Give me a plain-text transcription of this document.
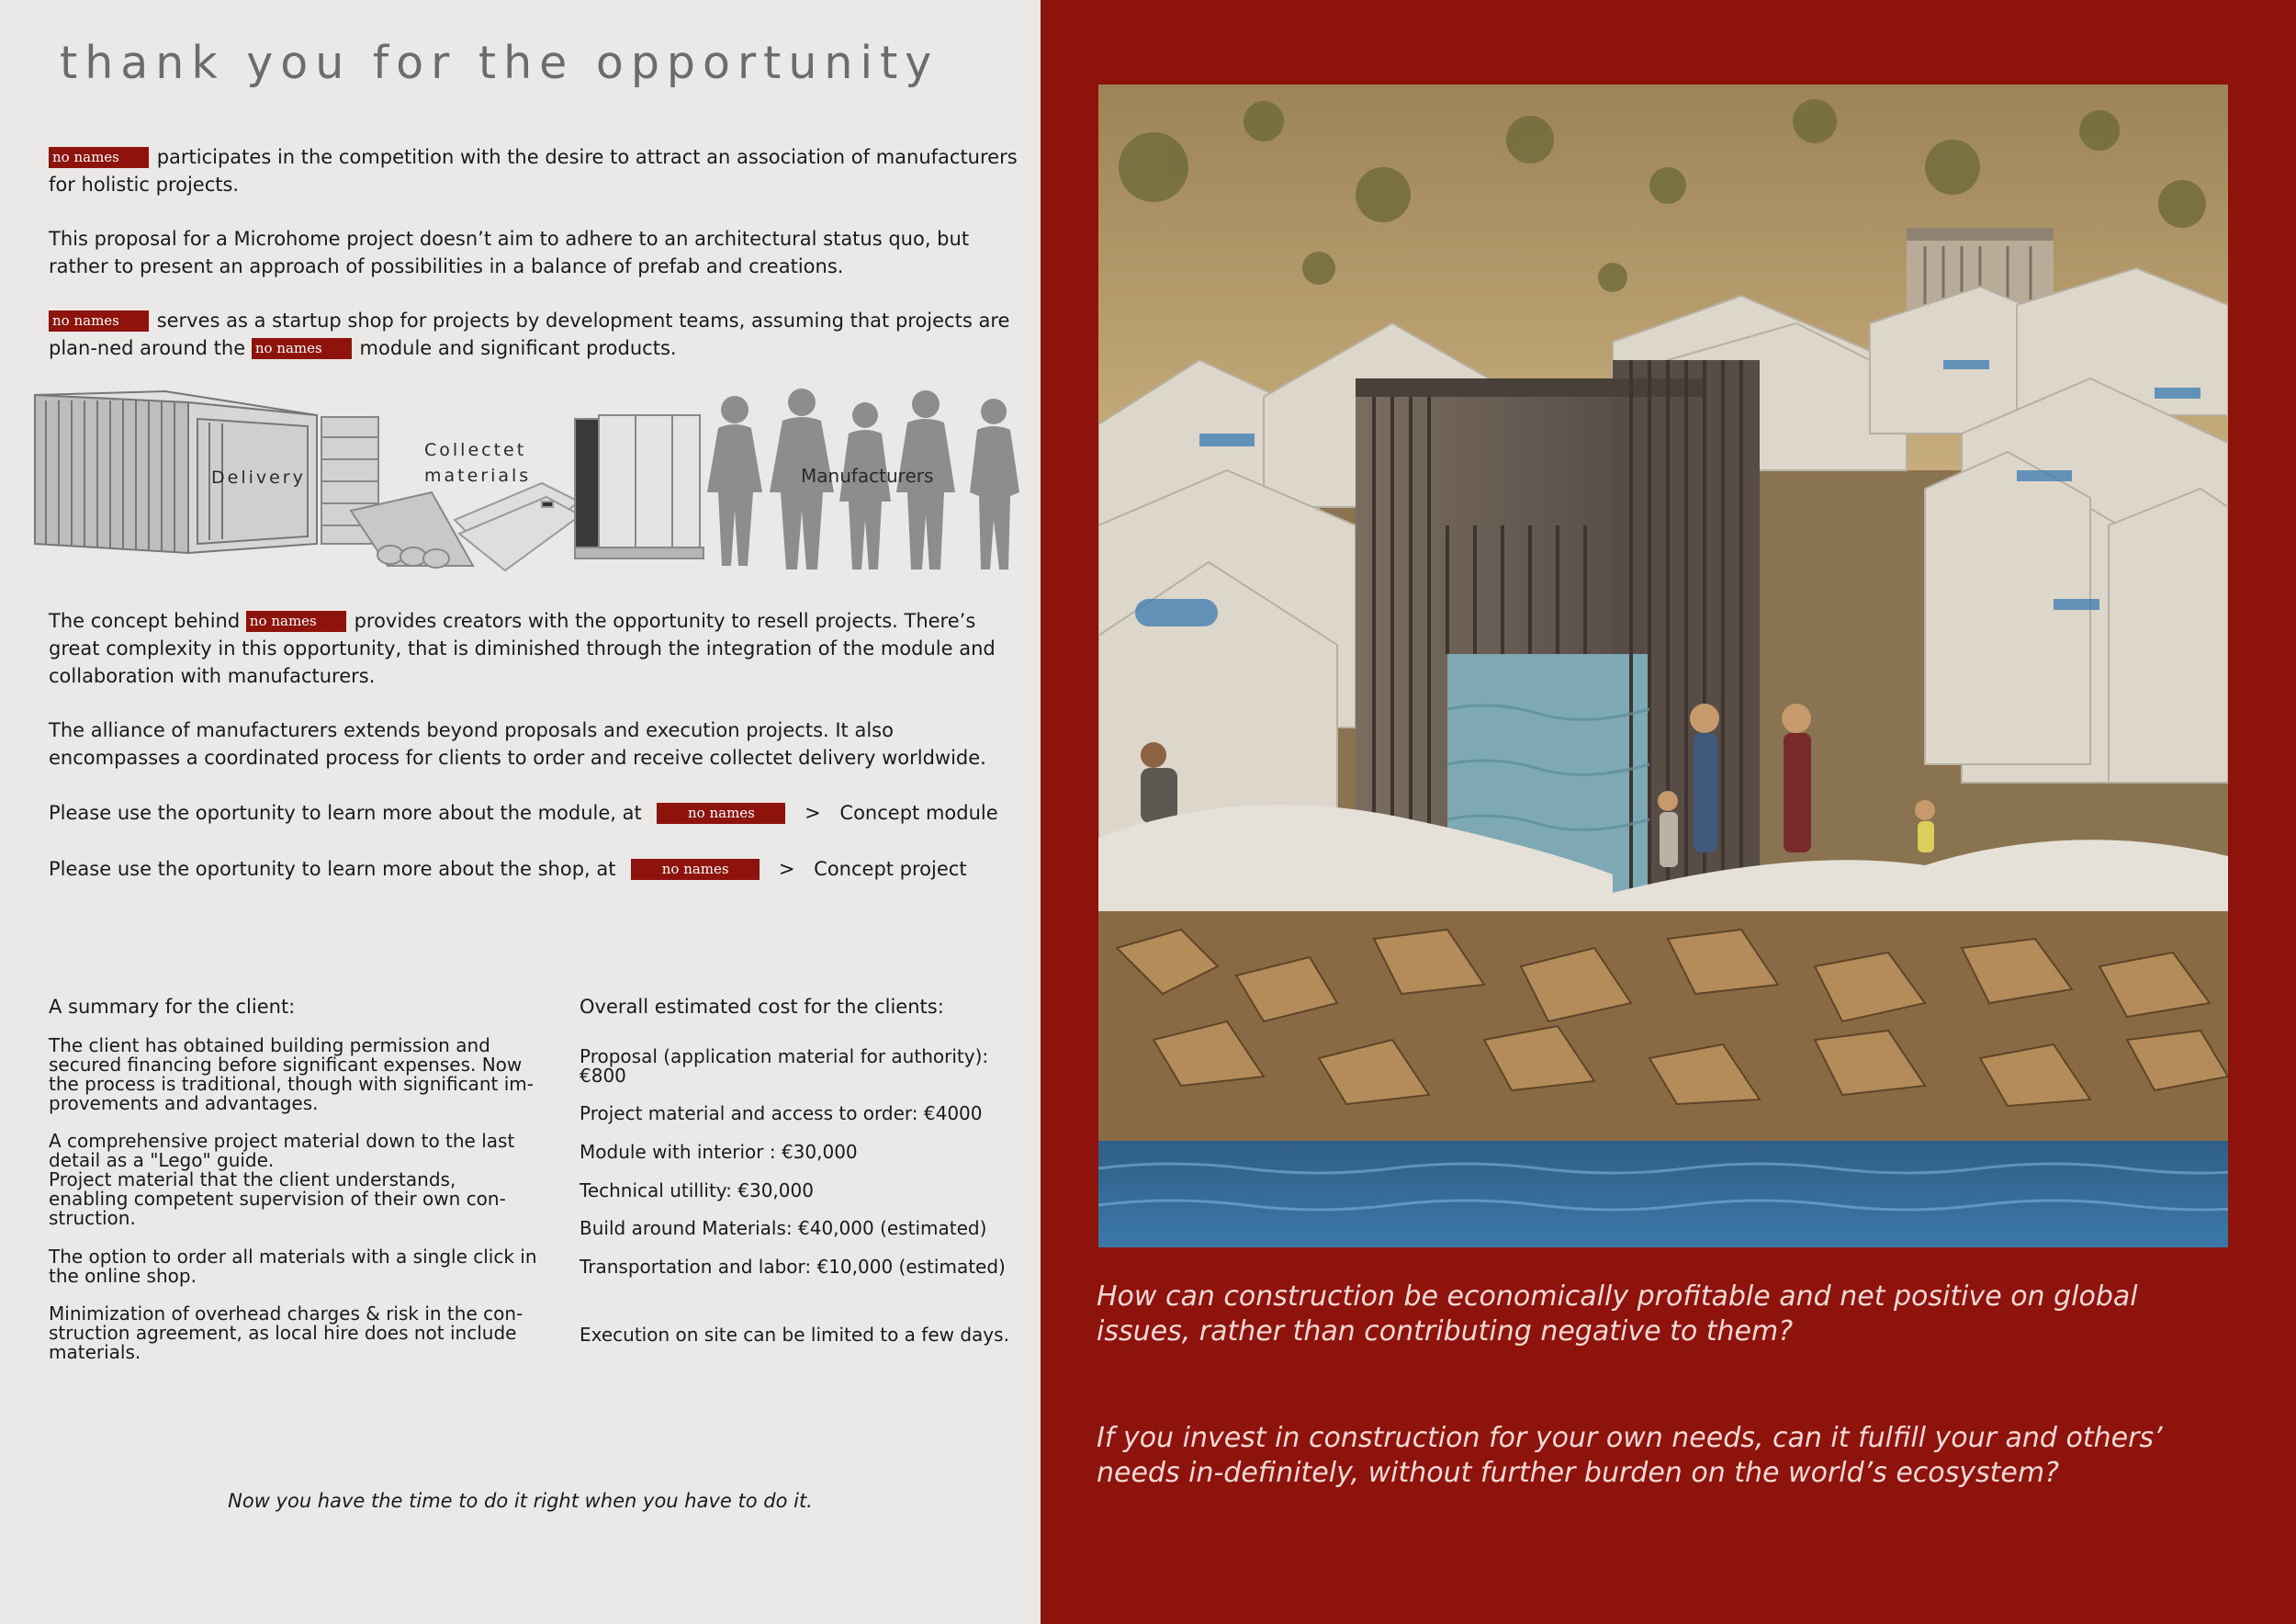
thank you for the opportunity

no names participates in the competition with the desire to attract an association of manufacturers for holistic projects.

This proposal for a Microhome project doesn’t aim to adhere to an architectural status quo, but rather to present an approach of possibilities in a balance of prefab and creations.

no names serves as a startup shop for projects by development teams, assuming that projects are plan-ned around the no names module and significant products.

Delivery

Collectet

materials	Manufacturers

The concept behind no names provides creators with the opportunity to resell projects. There’s great complexity in this opportunity, that is diminished through the integration of the module and collaboration with manufacturers.

The alliance of manufacturers extends beyond proposals and execution projects. It also encompasses a coordinated process for clients to order and receive collectet delivery worldwide.

Please use the oportunity to learn more about the module, at	no names	> Concept module

Please use the oportunity to learn more about the shop, at	no names	> Concept project

A summary for the client:

The client has obtained building permission and
secured financing before significant expenses. Now
the process is traditional, though with significant im-
provements and advantages.

A comprehensive project material down to the last
detail as a "Lego" guide.
Project material that the client understands,
enabling competent supervision of their own con-
struction.

The option to order all materials with a single click in
the online shop.

Minimization of overhead charges & risk in the con-
struction agreement, as local hire does not include
materials.

Overall estimated cost for the clients:

Proposal (application material for authority): €800

Project material and access to order: €4000

Module with interior : €30,000

Technical utillity: €30,000

Build around Materials: €40,000 (estimated)

Transportation and labor: €10,000 (estimated)

Execution on site can be limited to a few days.

Now you have the time to do it right when you have to do it.

How can construction be economically profitable and net positive on global issues, rather than contributing negative to them?

If you invest in construction for your own needs, can it fulfill your and others’ needs in-definitely, without further burden on the world’s ecosystem?
